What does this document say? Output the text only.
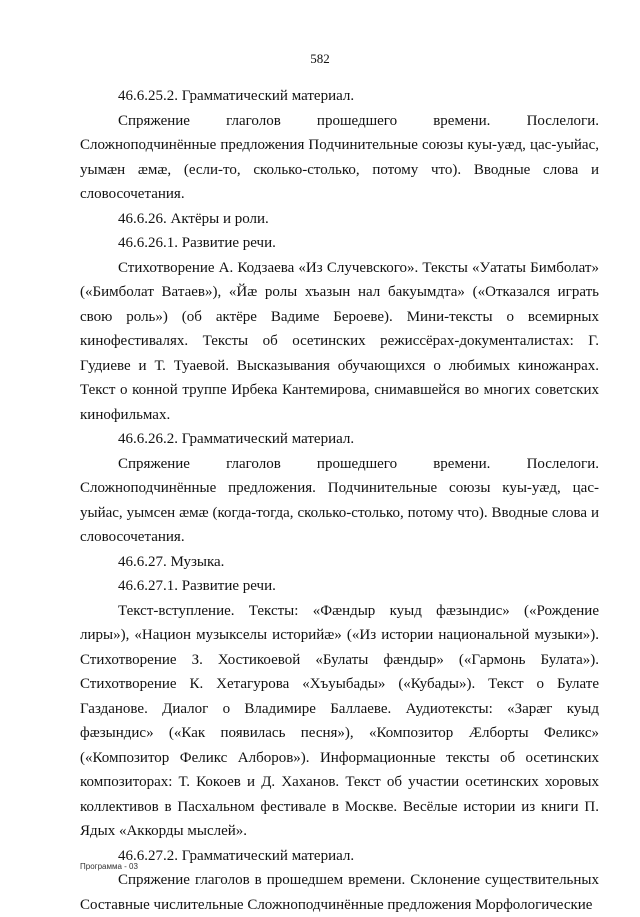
582

46.6.25.2. Грамматический материал.

Спряжение глаголов прошедшего времени. Послелоги. Сложноподчинённые предложения Подчинительные союзы куы-уæд, цас-уыйас, уымæн æмæ, (если-то, сколько-столько, потому что). Вводные слова и словосочетания.

46.6.26. Актёры и роли.

46.6.26.1. Развитие речи.

Стихотворение А. Кодзаева «Из Случевского». Тексты «Уататы Бимболат» («Бимболат Ватаев»), «Йæ ролы хъазын нал бакуымдта» («Отказался играть свою роль») (об актёре Вадиме Бероеве). Мини-тексты о всемирных кинофестивалях. Тексты об осетинских режиссёрах-документалистах: Г. Гудиеве и Т. Туаевой. Высказывания обучающихся о любимых киножанрах. Текст о конной труппе Ирбека Кантемирова, снимавшейся во многих советских кинофильмах.

46.6.26.2. Грамматический материал.

Спряжение глаголов прошедшего времени. Послелоги. Сложноподчинённые предложения. Подчинительные союзы куы-уæд, цас-уыйас, уымсен æмæ (когда-тогда, сколько-столько, потому что). Вводные слова и словосочетания.

46.6.27. Музыка.

46.6.27.1. Развитие речи.

Текст-вступление. Тексты: «Фæндыр куыд фæзындис» («Рождение лиры»), «Национ музыкселы историйæ» («Из истории национальной музыки»). Стихотворение З. Хостикоевой «Булаты фæндыр» («Гармонь Булата»). Стихотворение К. Хетагурова «Хъуыбады» («Кубады»). Текст о Булате Газданове. Диалог о Владимире Баллаеве. Аудиотексты: «Зарæг куыд фæзындис» («Как появилась песня»), «Композитор Æлборты Феликс» («Композитор Феликс Алборов»). Информационные тексты об осетинских композиторах: Т. Кокоев и Д. Хаханов. Текст об участии осетинских хоровых коллективов в Пасхальном фестивале в Москве. Весёлые истории из книги П. Ядых «Аккорды мыслей».

46.6.27.2. Грамматический материал.

Спряжение глаголов в прошедшем времени. Склонение существительных Составные числительные Сложноподчинённые предложения Морфологические

Программа - 03
